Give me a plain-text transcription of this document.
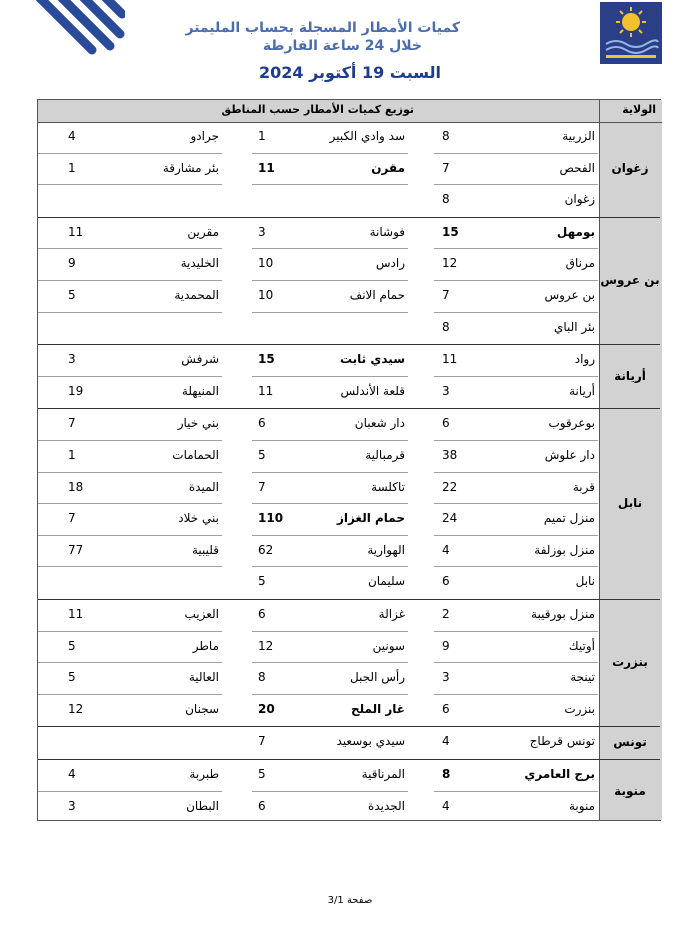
كميات الأمطار المسجلة بحساب المليمتر
خلال 24 ساعة الفارطة
السبت 19 أكتوبر 2024
توزيع كميات الأمطار حسب المناطق	الولاية
الزربية
8
سد وادي الكبير
1
جرادو
4
الفحص
7
مقرن
11
بئر مشارقة
1
زغوان
8
زغوان
بومهل
15
فوشانة
3
مقرين
11
مرناق
12
رادس
10
الخليدية
9
بن عروس
7
حمام الانف
10
المحمدية
5
بئر الباي
8
بن عروس
رواد
11
سيدي ثابت
15
شرفش
3
أريانة
3
قلعة الأندلس
11
المنيهلة
19
أريانة
بوعرقوب
6
دار شعبان
6
بني خيار
7
دار علوش
38
قرمبالية
5
الحمامات
1
قربة
22
تاكلسة
7
الميدة
18
منزل تميم
24
حمام الغزاز
110
بني خلاد
7
منزل بوزلفة
4
الهوارية
62
قليبية
77
نابل
6
سليمان
5
نابل
منزل بورقيبة
2
غزالة
6
العزيب
11
أوتيك
9
سونين
12
ماطر
5
تينجة
3
رأس الجبل
8
العالية
5
بنزرت
6
غار الملح
20
سجنان
12
بنزرت
تونس قرطاج
4
سيدي بوسعيد
7	تونس
برج العامري
8
المرناقية
5
طبربة
4
منوبة
4
الجديدة
6
البطان
3
منوبة
صفحة 3/1
